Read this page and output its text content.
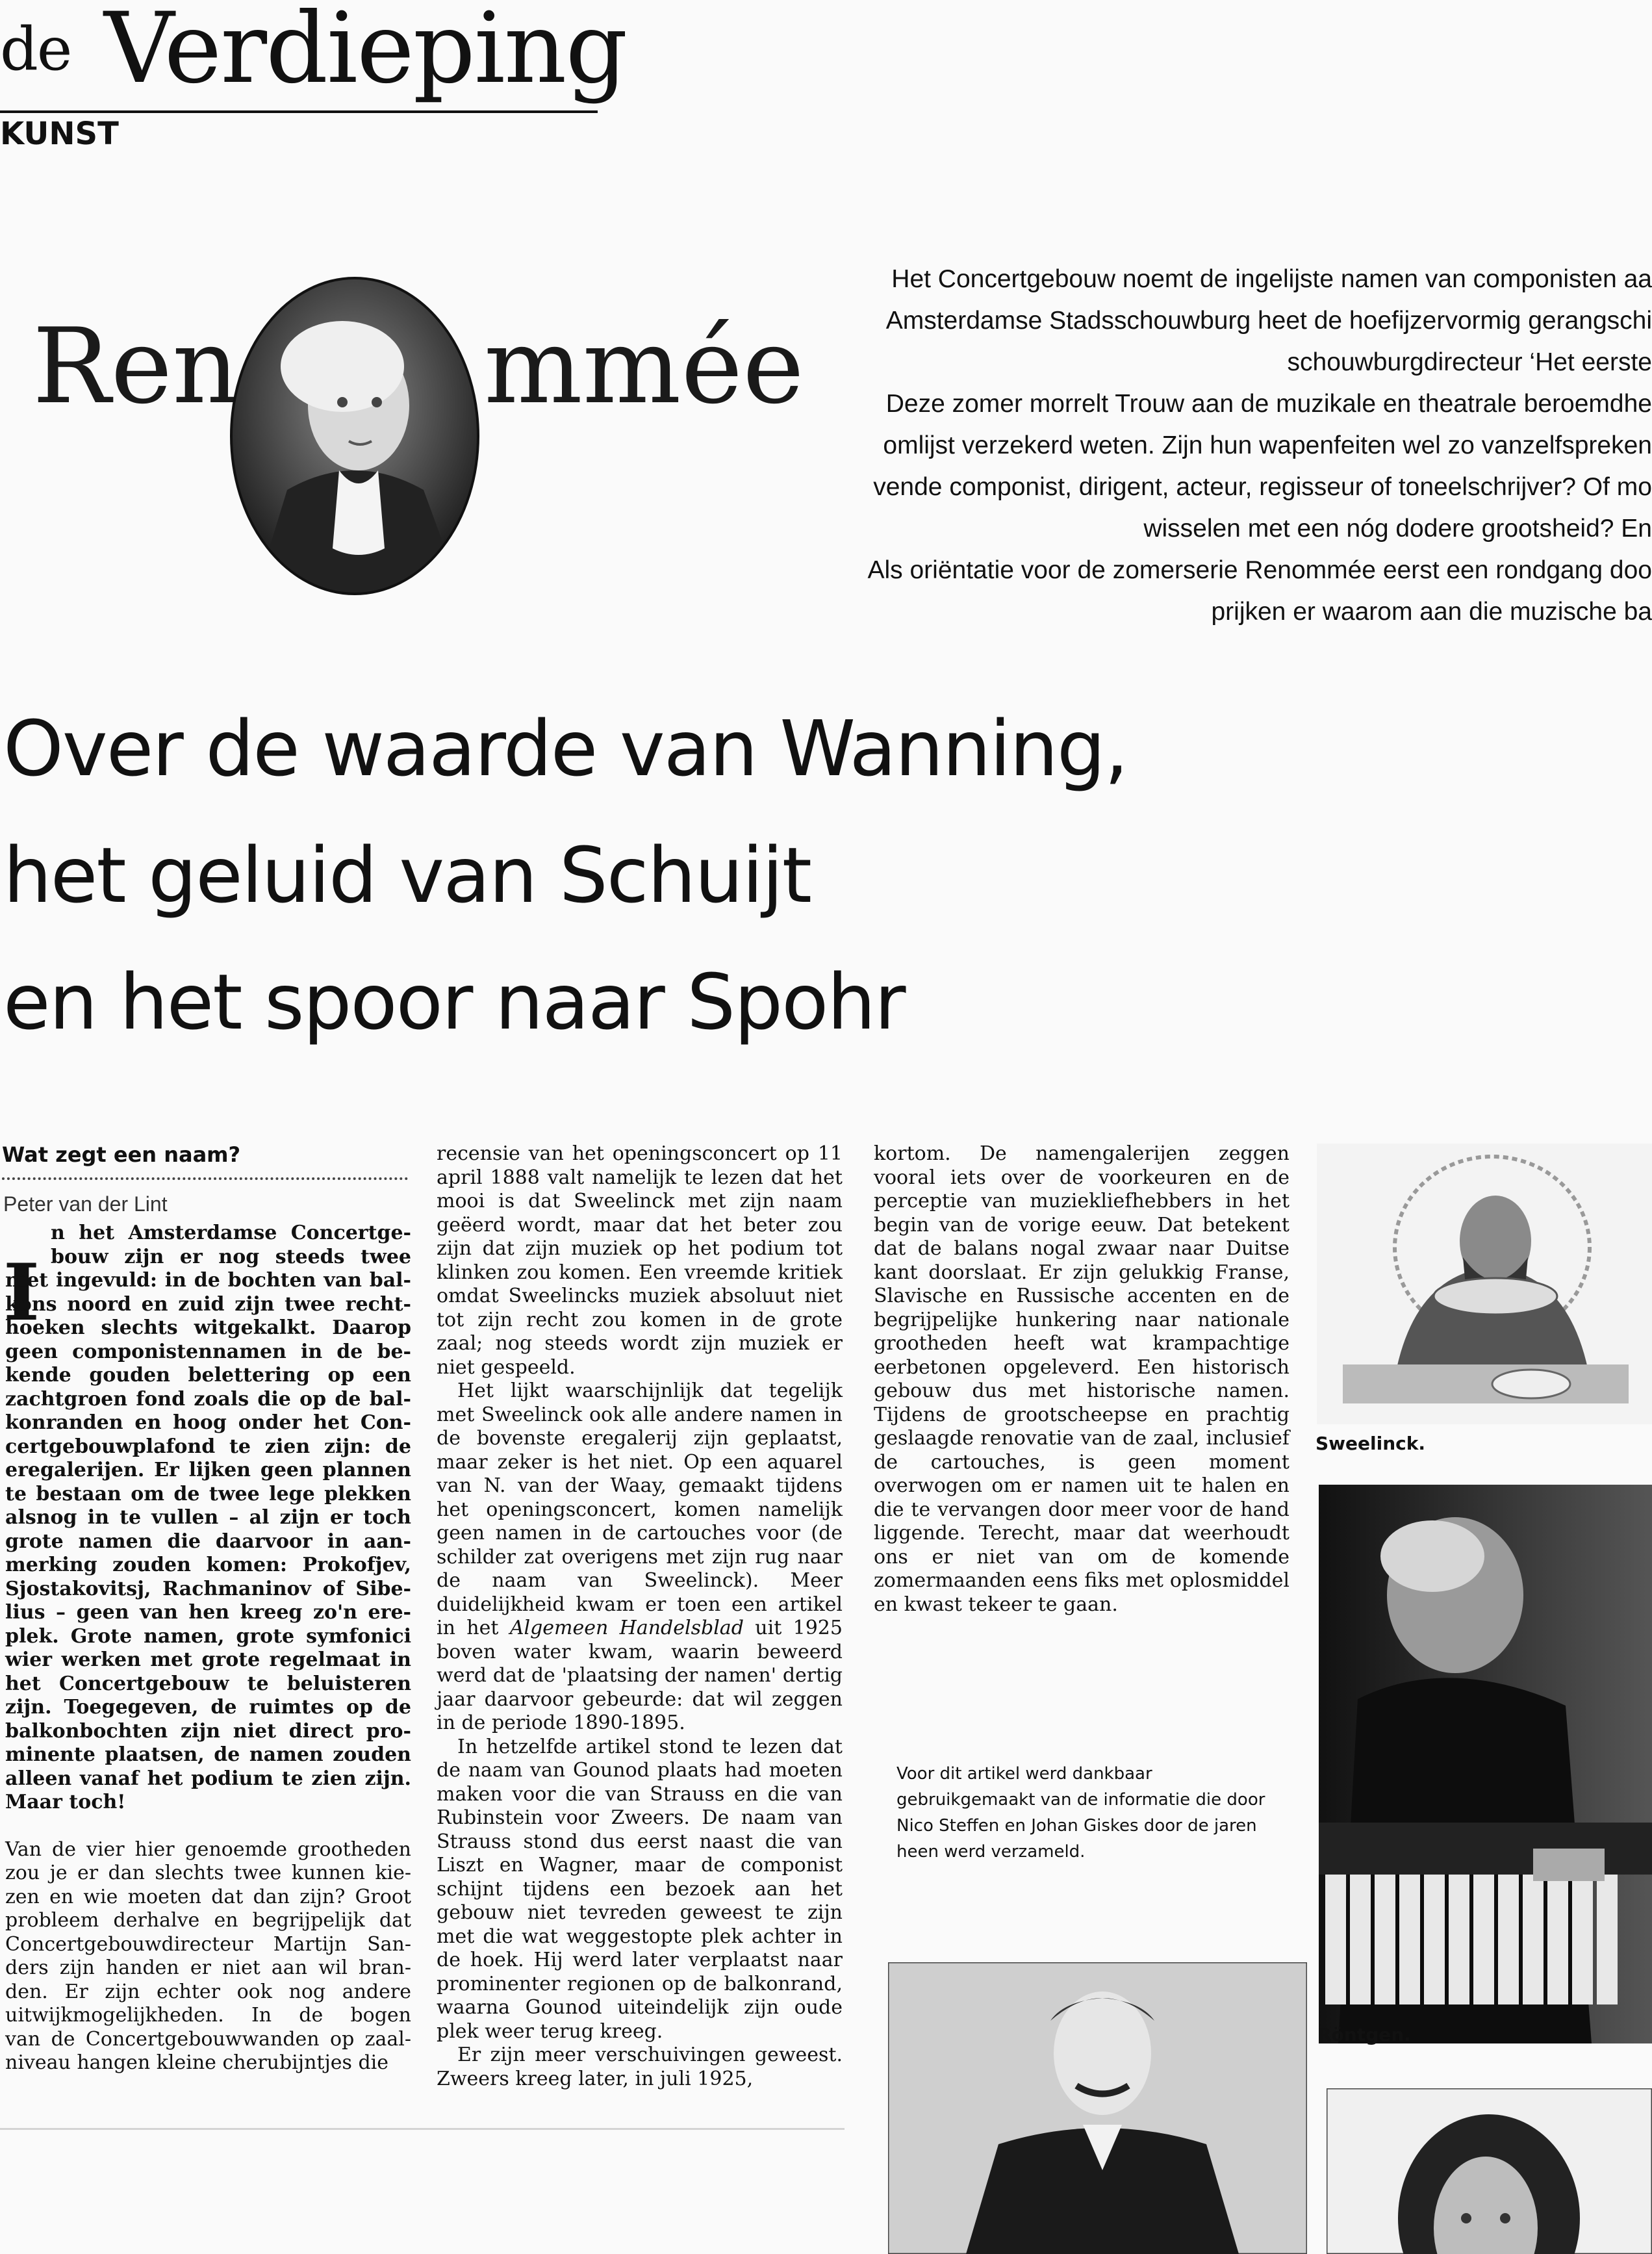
de Verdieping
KUNST
Ren mmée
Het Concertgebouw noemt de ingelijste namen van componisten aa
Amsterdamse Stadsschouwburg heet de hoefijzervormig gerangschi
schouwburgdirecteur ‘Het eerste
Deze zomer morrelt Trouw aan de muzikale en theatrale beroemdhe
omlijst verzekerd weten. Zijn hun wapenfeiten wel zo vanzelfspreken
vende componist, dirigent, acteur, regisseur of toneelschrijver? Of mo
wisselen met een nóg dodere grootsheid? En
Als oriëntatie voor de zomerserie Renommée eerst een rondgang doo
prijken er waarom aan die muzische ba
Over de waarde van Wanning,
het geluid van Schuijt
en het spoor naar Spohr
Wat zegt een naam?
Peter van der Lint
I
n het Amsterdamse Concertge-
bouw zijn er nog steeds twee
niet ingevuld: in de bochten van bal-
kons noord en zuid zijn twee recht-
hoeken slechts witgekalkt. Daarop
geen componistennamen in de be-
kende gouden belettering op een
zachtgroen fond zoals die op de bal-
konranden en hoog onder het Con-
certgebouwplafond te zien zijn: de
eregalerijen. Er lijken geen plannen
te bestaan om de twee lege plekken
alsnog in te vullen – al zijn er toch
grote namen die daarvoor in aan-
merking zouden komen: Prokofjev,
Sjostakovitsj, Rachmaninov of Sibe-
lius – geen van hen kreeg zo'n ere-
plek. Grote namen, grote symfonici
wier werken met grote regelmaat in
het Concertgebouw te beluisteren
zijn. Toegegeven, de ruimtes op de
balkonbochten zijn niet direct pro-
minente plaatsen, de namen zouden
alleen vanaf het podium te zien zijn.
Maar toch!
Van de vier hier genoemde grootheden
zou je er dan slechts twee kunnen kie-
zen en wie moeten dat dan zijn? Groot
probleem derhalve en begrijpelijk dat
Concertgebouwdirecteur Martijn San-
ders zijn handen er niet aan wil bran-
den. Er zijn echter ook nog andere
uitwijkmogelijkheden. In de bogen
van de Concertgebouwwanden op zaal-
niveau hangen kleine cherubijntjes die

recensie van het openingsconcert op 11 april 1888 valt namelijk te lezen dat het mooi is dat Sweelinck met zijn naam geëerd wordt, maar dat het beter zou zijn dat zijn muziek op het podium tot klinken zou komen. Een vreemde kritiek omdat Sweelincks muziek absoluut niet tot zijn recht zou komen in de grote zaal; nog steeds wordt zijn muziek er niet gespeeld.

Het lijkt waarschijnlijk dat tegelijk met Sweelinck ook alle andere namen in de bovenste eregalerij zijn geplaatst, maar zeker is het niet. Op een aquarel van N. van der Waay, gemaakt tijdens het openingsconcert, komen namelijk geen namen in de cartouches voor (de schilder zat overigens met zijn rug naar de naam van Sweelinck). Meer duidelijkheid kwam er toen een artikel in het Algemeen Handelsblad uit 1925 boven water kwam, waarin beweerd werd dat de 'plaatsing der namen' dertig jaar daarvoor gebeurde: dat wil zeggen in de periode 1890-1895.

In hetzelfde artikel stond te lezen dat de naam van Gounod plaats had moeten maken voor die van Strauss en die van Rubinstein voor Zweers. De naam van Strauss stond dus eerst naast die van Liszt en Wagner, maar de componist schijnt tijdens een bezoek aan het gebouw niet tevreden geweest te zijn met die wat weggestopte plek achter in de hoek. Hij werd later verplaatst naar prominenter regionen op de balkonrand, waarna Gounod uiteindelijk zijn oude plek weer terug kreeg.

Er zijn meer verschuivingen geweest. Zweers kreeg later, in juli 1925,

kortom. De namengalerijen zeggen vooral iets over de voorkeuren en de perceptie van muziekliefhebbers in het begin van de vorige eeuw. Dat betekent dat de balans nogal zwaar naar Duitse kant doorslaat. Er zijn gelukkig Franse, Slavische en Russische accenten en de begrijpelijke hunkering naar nationale grootheden heeft wat krampachtige eerbetonen opgeleverd. Een historisch gebouw dus met historische namen. Tijdens de grootscheepse en prachtig geslaagde renovatie van de zaal, inclusief de cartouches, is geen moment overwogen om er namen uit te halen en die te vervangen door meer voor de hand liggende. Terecht, maar dat weerhoudt ons er niet van om de komende zomermaanden eens fiks met oplosmiddel en kwast tekeer te gaan.

Voor dit artikel werd dankbaar gebruikgemaakt van de informatie die door Nico Steffen en Johan Giskes door de jaren heen werd verzameld.
Sweelinck.
Röntgen.
